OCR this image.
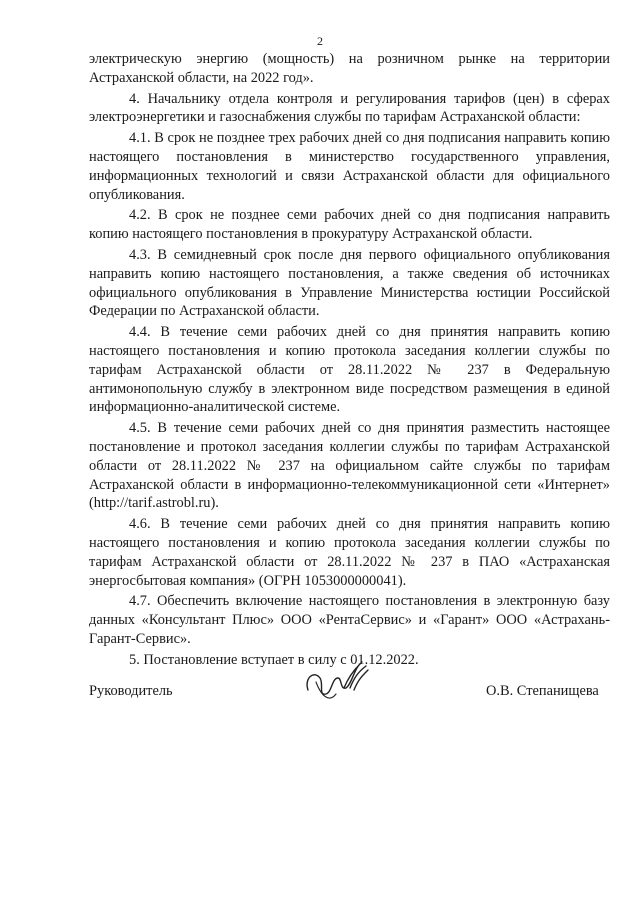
2

электрическую энергию (мощность) на розничном рынке на территории Астраханской области, на 2022 год».

4. Начальнику отдела контроля и регулирования тарифов (цен) в сферах электроэнергетики и газоснабжения службы по тарифам Астраханской области:

4.1. В срок не позднее трех рабочих дней со дня подписания направить копию настоящего постановления в министерство государственного управления, информационных технологий и связи Астраханской области для официального опубликования.

4.2. В срок не позднее семи рабочих дней со дня подписания направить копию настоящего постановления в прокуратуру Астраханской области.

4.3. В семидневный срок после дня первого официального опубликования направить копию настоящего постановления, а также сведения об источниках официального опубликования в Управление Министерства юстиции Российской Федерации по Астраханской области.

4.4. В течение семи рабочих дней со дня принятия направить копию настоящего постановления и копию протокола заседания коллегии службы по тарифам Астраханской области от 28.11.2022 № 237 в Федеральную антимонопольную службу в электронном виде посредством размещения в единой информационно-аналитической системе.

4.5. В течение семи рабочих дней со дня принятия разместить настоящее постановление и протокол заседания коллегии службы по тарифам Астраханской области от 28.11.2022 № 237 на официальном сайте службы по тарифам Астраханской области в информационно-телекоммуникационной сети «Интернет» (http://tarif.astrobl.ru).

4.6. В течение семи рабочих дней со дня принятия направить копию настоящего постановления и копию протокола заседания коллегии службы по тарифам Астраханской области от 28.11.2022 № 237 в ПАО «Астраханская энергосбытовая компания» (ОГРН 1053000000041).

4.7. Обеспечить включение настоящего постановления в электронную базу данных «Консультант Плюс» ООО «РентаСервис» и «Гарант» ООО «Астрахань-Гарант-Сервис».

5. Постановление вступает в силу с 01.12.2022.

Руководитель	О.В. Степанищева
